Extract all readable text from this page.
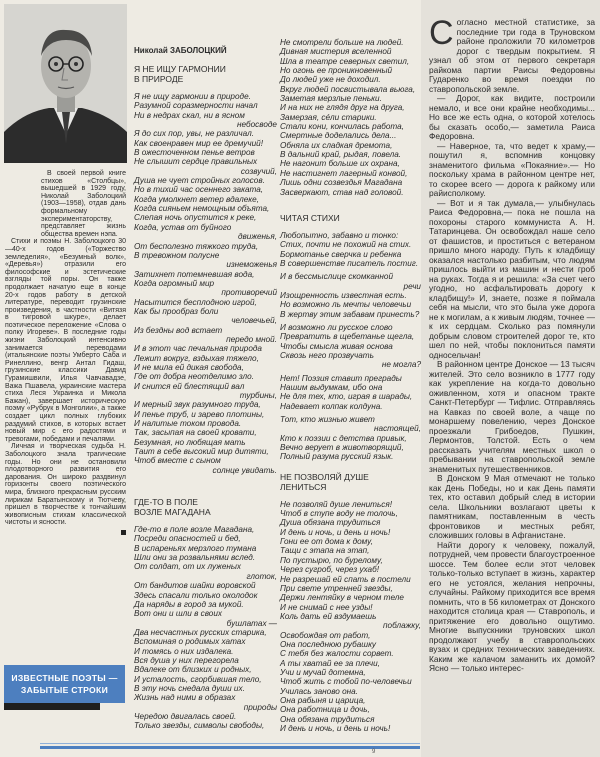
В своей первой книге стихов «Столбцы», вышедшей в 1929 году, Николай Заболоцкий (1903—1958), отдав дань формальному экспериментаторству, представляет жизнь общества времен нэпа.

Стихи и поэмы Н. Заболоцкого 30—40-х годов («Торжество земледелия», «Безумный волк», «Деревья») отразили его философские и эстетические взгляды той поры. Он также продолжает начатую еще в конце 20-х годов работу в детской литературе, переводит грузинские произведения, в частности «Витязя в тигровой шкуре», делает поэтическое переложение «Слова о полку Игореве». В последние годы жизни Заболоцкий интенсивно занимается переводами (итальянские поэты Умберто Саба и Ринеллино, венгр Антал Гидаш, грузинские классики Давид Гурамишвили, Илья Чавчавадзе, Важа Пшавела, украинские мастера стиха Леся Украинка и Микола Бажан), завершает историческую поэму «Рубрук в Монголии», а также создает цикл полных глубоких раздумий стихов, в которых встает новый мир с его радостями и тревогами, победами и печалями.

Личная и творческая судьба Н. Заболоцкого знала трагические годы. Но они не остановили плодотворного развития его дарования. Он широко раздвинул горизонты своего поэтического мира, близкого прекрасным русским лирикам Баратынскому и Тютчеву, пришел в творчестве к тончайшим живописным стихам классической чистоты и ясности.

ИЗВЕСТНЫЕ ПОЭТЫ —
ЗАБЫТЫЕ СТРОКИ
Николай ЗАБОЛОЦКИЙ
Я НЕ ИЩУ ГАРМОНИИ
В ПРИРОДЕ
Я не ищу гармонии в природе.
Разумной соразмерности начал
Ни в недрах скал, ни в ясном
небосводе
Я до сих пор, увы, не различал.
Как своенравен мир ее дремучий!
В ожесточенном пенье ветров
Не слышит сердце правильных
созвучий,
Душа не чует стройных голосов.
Но в тихий час осеннего заката,
Когда умолкнет ветер вдалеке,
Когда сияньем немощным объята,
Слепая ночь опустится к реке,
Когда, устав от буйного
движенья,
От бесполезно тяжкого труда,
В тревожном полусне
изнеможенья
Затихнет потемневшая вода,
Когда огромный мир
противоречий
Насытится бесплодною игрой,
Как бы прообраз боли
человечьей,
Из бездны вод встает
передо мной.
И в этот час печальная природа
Лежит вокруг, вздыхая тяжело,
И не мила ей дикая свобода,
Где от добра неотделимо зло.
И снится ей блестящий вал
турбины,
И мерный звук разумного труда,
И пенье труб, и зарево плотины,
И налитые током провода.
Так, засыпая на своей кровати,
Безумная, но любящая мать
Таит в себе высокий мир дитяти,
Чтоб вместе с сыном
солнце увидать.
ГДЕ-ТО В ПОЛЕ
ВОЗЛЕ МАГАДАНА
Где-то в поле возле Магадана,
Посреди опасностей и бед,
В испареньях мерзлого тумана
Шли они за розвальнями вслед.
От солдат, от их луженых
глоток,
От бандитов шайки воровской
Здесь спасали только околодок
Да наряды в город за мукой.
Вот они и шли в своих
бушлатах —
Два несчастных русских старика,
Вспоминая о родимых хатах
И томясь о них издалека.
Вся душа у них перегорела
Вдалеке от близких и родных,
И усталость, сгорбившая тело,
В эту ночь снедала души их.
Жизнь над ними в образах
природы
Чередою двигалась своей.
Только звезды, символы свободы,
Не смотрели больше на людей.
Дивная мистерия вселенной
Шла в театре северных светил,
Но огонь ее проникновенный
До людей уже не доходил.
Вкруг людей посвистывала вьюга,
Заметая мерзлые пеньки.
И на них не глядя друг на друга,
Замерзая, сéли старики.
Стали кони, кончилась работа,
Смертные доделались дела...
Обняла их сладкая дремота,
В дальний край, рыдая, повела.
Не нагонит больше их охрана,
Не настигнет лагерный конвой,
Лишь одни созвездья Магадана
Засверкают, став над головой.
ЧИТАЯ СТИХИ
Любопытно, забавно и тонко:
Стих, почти не похожий на стих.
Бормотанье сверчка и ребенка
В совершенстве писатель постиг.
И в бессмыслице скомканной
речи
Изощренность известная есть.
Но возможно ль мечты человечьи
В жертву этим забавам принесть?
И возможно ли русское слово
Превратить в щебетанье щегла,
Чтобы смысла живая основа
Сквозь него прозвучать
не могла?
Нет! Поэзия ставит преграды
Нашим выдумкам, ибо она
Не для тех, кто, играя в шарады,
Надевает колпак колдуна.
Тот, кто жизнью живет
настоящей,
Кто к поэзии с детства привык,
Вечно верует в животворящий,
Полный разума русский язык.
НЕ ПОЗВОЛЯЙ ДУШЕ
ЛЕНИТЬСЯ
Не позволяй душе лениться!
Чтоб в ступе воду не толочь,
Душа обязана трудиться
И день и ночь, и день и ночь!
Гони ее от дома к дому,
Тащи с этапа на этап,
По пустырю, по бурелому,
Через сугроб, через ухаб!
Не разрешай ей спать в постели
При свете утренней звезды,
Держи лентяйку в черном теле
И не снимай с нее узды!
Коль дать ей вздумаешь
поблажку,
Освобождая от работ,
Она последнюю рубашку
С тебя без жалости сорвет.
А ты хватай ее за плечи,
Учи и мучай дотемна,
Чтоб жить с тобой по-человечьи
Училась заново она.
Она рабыня и царица,
Она работница и дочь,
Она обязана трудиться
И день и ночь, и день и ночь!

Согласно местной статистике, за последние три года в Труновском районе проложили 70 километров дорог с твердым покрытием. Я узнал об этом от первого секретаря райкома партии Раисы Федоровны Гударенко во время поездки по ставропольской земле.

— Дорог, как видите, построили немало, и все они крайне необходимы... Но все же есть одна, о которой хотелось бы сказать особо,— заметила Раиса Федоровна.

— Наверное, та, что ведет к храму,— пошутил я, вспомнив концовку знаменитого фильма «Покаяние».— Но поскольку храма в районном центре нет, то скорее всего — дорога к райкому или райисполкому.

— Вот и я так думала,— улыбнулась Раиса Федоровна,— пока не пошла на похороны старого коммуниста А. Н. Татаринцева. Он освобождал наше село от фашистов, и проститься с ветераном пришло много народу. Путь к кладбищу оказался настолько разбитым, что людям пришлось выйти из машин и нести гроб на руках. Тогда я и решила: «За счет чего угодно, но асфальтировать дорогу к кладбищу!» И, знаете, позже я поймала себя на мысли, что это была уже дорога не к могилам, а к живым людям, точнее — к их сердцам. Сколько раз помянули добрым словом строителей дорог те, кто шел по ней, чтобы поклониться памяти односельчан!

В районном центре Донское — 13 тысяч жителей. Это село возникло в 1777 году как укрепление на когда-то довольно оживленном, хотя и опасном тракте Санкт-Петербург — Тифлис. Отправляясь на Кавказ по своей воле, а чаще по монаршему повелению, через Донское проезжали Грибоедов, Пушкин, Лермонтов, Толстой. Есть о чем рассказать учителям местных школ о пребывании на ставропольской земле знаменитых путешественников.

В Донском 9 Мая отмечают не только как День Победы, но и как День памяти тех, кто оставил добрый след в истории села. Школьники возлагают цветы к памятникам, поставленным в честь фронтовиков и местных ребят, сложивших головы в Афганистане.

Найти дорогу к человеку, пожалуй, потрудней, чем провести благоустроенное шоссе. Тем более если этот человек только-только вступает в жизнь, характер его не устоялся, желания непрочны, случайны. Райкому приходится все время помнить, что в 56 километрах от Донского находится столица края — Ставрополь, и притяжение его довольно ощутимо. Многие выпускники труновских школ продолжают учебу в ставропольских вузах и средних технических заведениях. Каким же калачом заманить их домой? Ясно — только интерес-

9
